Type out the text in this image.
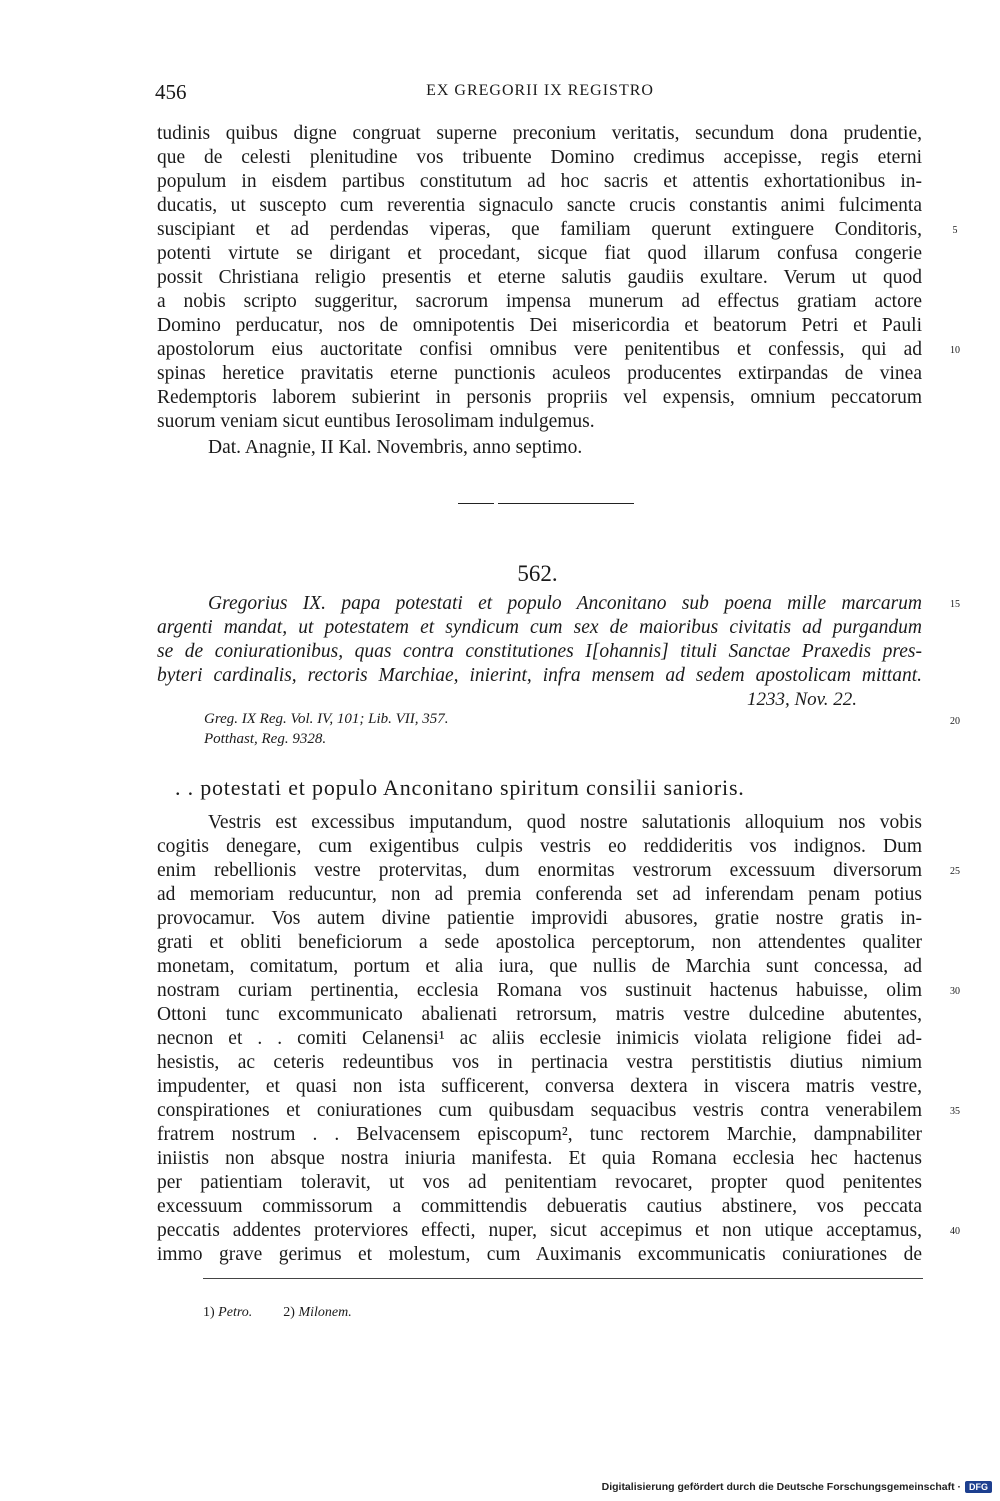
456	EX GREGORII IX REGISTRO
tudinis quibus digne congruat superne preconium veritatis, secundum dona prudentie,
que de celesti plenitudine vos tribuente Domino credimus accepisse, regis eterni
populum in eisdem partibus constitutum ad hoc sacris et attentis exhortationibus in-
ducatis, ut suscepto cum reverentia signaculo sancte crucis constantis animi fulcimenta
suscipiant et ad perdendas viperas, que familiam querunt extinguere Conditoris,
potenti virtute se dirigant et procedant, sicque fiat quod illarum confusa congerie
possit Christiana religio presentis et eterne salutis gaudiis exultare. Verum ut quod
a nobis scripto suggeritur, sacrorum impensa munerum ad effectus gratiam actore
Domino perducatur, nos de omnipotentis Dei misericordia et beatorum Petri et Pauli
apostolorum eius auctoritate confisi omnibus vere penitentibus et confessis, qui ad
spinas heretice pravitatis eterne punctionis aculeos producentes extirpandas de vinea
Redemptoris laborem subierint in personis propriis vel expensis, omnium peccatorum
suorum veniam sicut euntibus Ierosolimam indulgemus.
Dat. Anagnie, II Kal. Novembris, anno septimo.
562.
Gregorius IX. papa potestati et populo Anconitano sub poena mille marcarum
argenti mandat, ut potestatem et syndicum cum sex de maioribus civitatis ad purgandum
se de coniurationibus, quas contra constitutiones I[ohannis] tituli Sanctae Praxedis pres-
byteri cardinalis, rectoris Marchiae, inierint, infra mensem ad sedem apostolicam mittant.
1233, Nov. 22.
Greg. IX Reg. Vol. IV, 101; Lib. VII, 357.
Potthast, Reg. 9328.
. . potestati et populo Anconitano spiritum consilii sanioris.
Vestris est excessibus imputandum, quod nostre salutationis alloquium nos vobis
cogitis denegare, cum exigentibus culpis vestris eo reddideritis vos indignos. Dum
enim rebellionis vestre protervitas, dum enormitas vestrorum excessuum diversorum
ad memoriam reducuntur, non ad premia conferenda set ad inferendam penam potius
provocamur. Vos autem divine patientie improvidi abusores, gratie nostre gratis in-
grati et obliti beneficiorum a sede apostolica perceptorum, non attendentes qualiter
monetam, comitatum, portum et alia iura, que nullis de Marchia sunt concessa, ad
nostram curiam pertinentia, ecclesia Romana vos sustinuit hactenus habuisse, olim
Ottoni tunc excommunicato abalienati retrorsum, matris vestre dulcedine abutentes,
necnon et . . comiti Celanensi¹ ac aliis ecclesie inimicis violata religione fidei ad-
hesistis, ac ceteris redeuntibus vos in pertinacia vestra perstitistis diutius nimium
impudenter, et quasi non ista sufficerent, conversa dextera in viscera matris vestre,
conspirationes et coniurationes cum quibusdam sequacibus vestris contra venerabilem
fratrem nostrum . . Belvacensem episcopum², tunc rectorem Marchie, dampnabiliter
iniistis non absque nostra iniuria manifesta. Et quia Romana ecclesia hec hactenus
per patientiam toleravit, ut vos ad penitentiam revocaret, propter quod penitentes
excessuum commissorum a committendis debueratis cautius abstinere, vos peccata
peccatis addentes proterviores effecti, nuper, sicut accepimus et non utique acceptamus,
immo grave gerimus et molestum, cum Auximanis excommunicatis coniurationes de
5
10
15
20
25
30
35
40
1) Petro. 2) Milonem.
Digitalisierung gefördert durch die Deutsche Forschungsgemeinschaft · DFG
